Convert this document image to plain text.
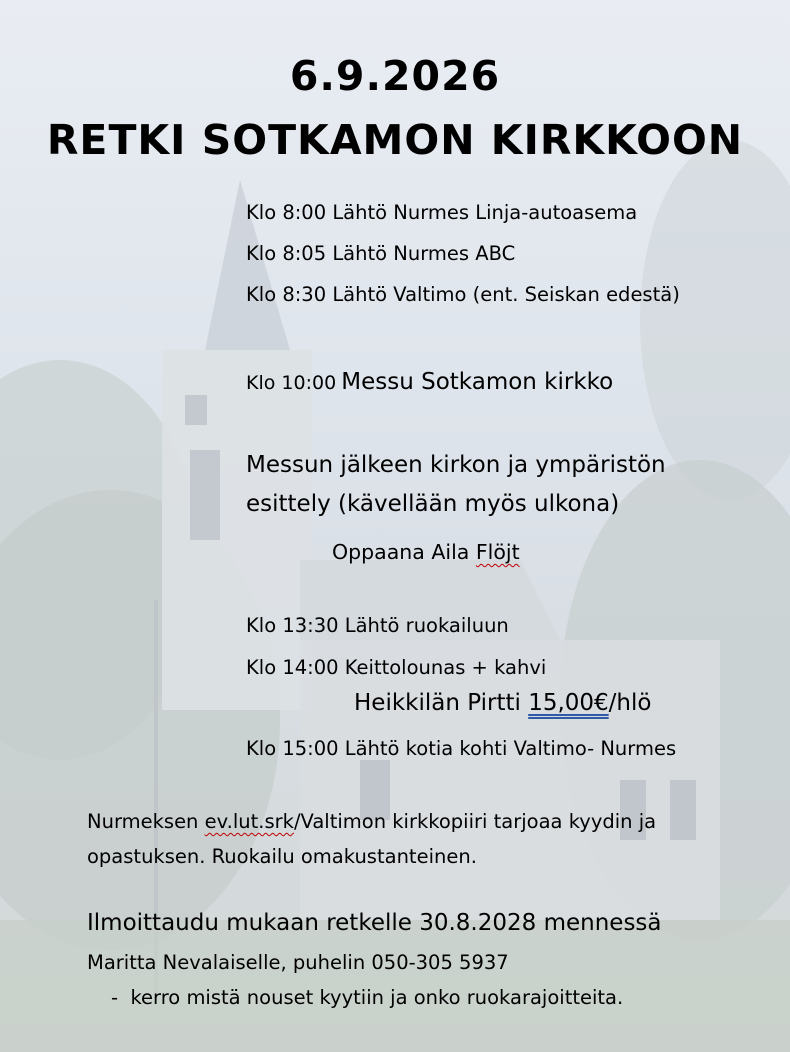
6.9.2026
RETKI SOTKAMON KIRKKOON
Klo 8:00 Lähtö Nurmes Linja-autoasema
Klo 8:05 Lähtö Nurmes ABC
Klo 8:30 Lähtö Valtimo (ent. Seiskan edestä)
Klo 10:00 Messu Sotkamon kirkko
Messun jälkeen kirkon ja ympäristön
esittely (kävellään myös ulkona)
Oppaana Aila Flöjt
Klo 13:30 Lähtö ruokailuun
Klo 14:00 Keittolounas + kahvi
Heikkilän Pirtti 15,00€/hlö
Klo 15:00 Lähtö kotia kohti Valtimo- Nurmes
Nurmeksen ev.lut.srk/Valtimon kirkkopiiri tarjoaa kyydin ja
opastuksen. Ruokailu omakustanteinen.
Ilmoittaudu mukaan retkelle 30.8.2028 mennessä
Maritta Nevalaiselle, puhelin 050-305 5937
- kerro mistä nouset kyytiin ja onko ruokarajoitteita.
